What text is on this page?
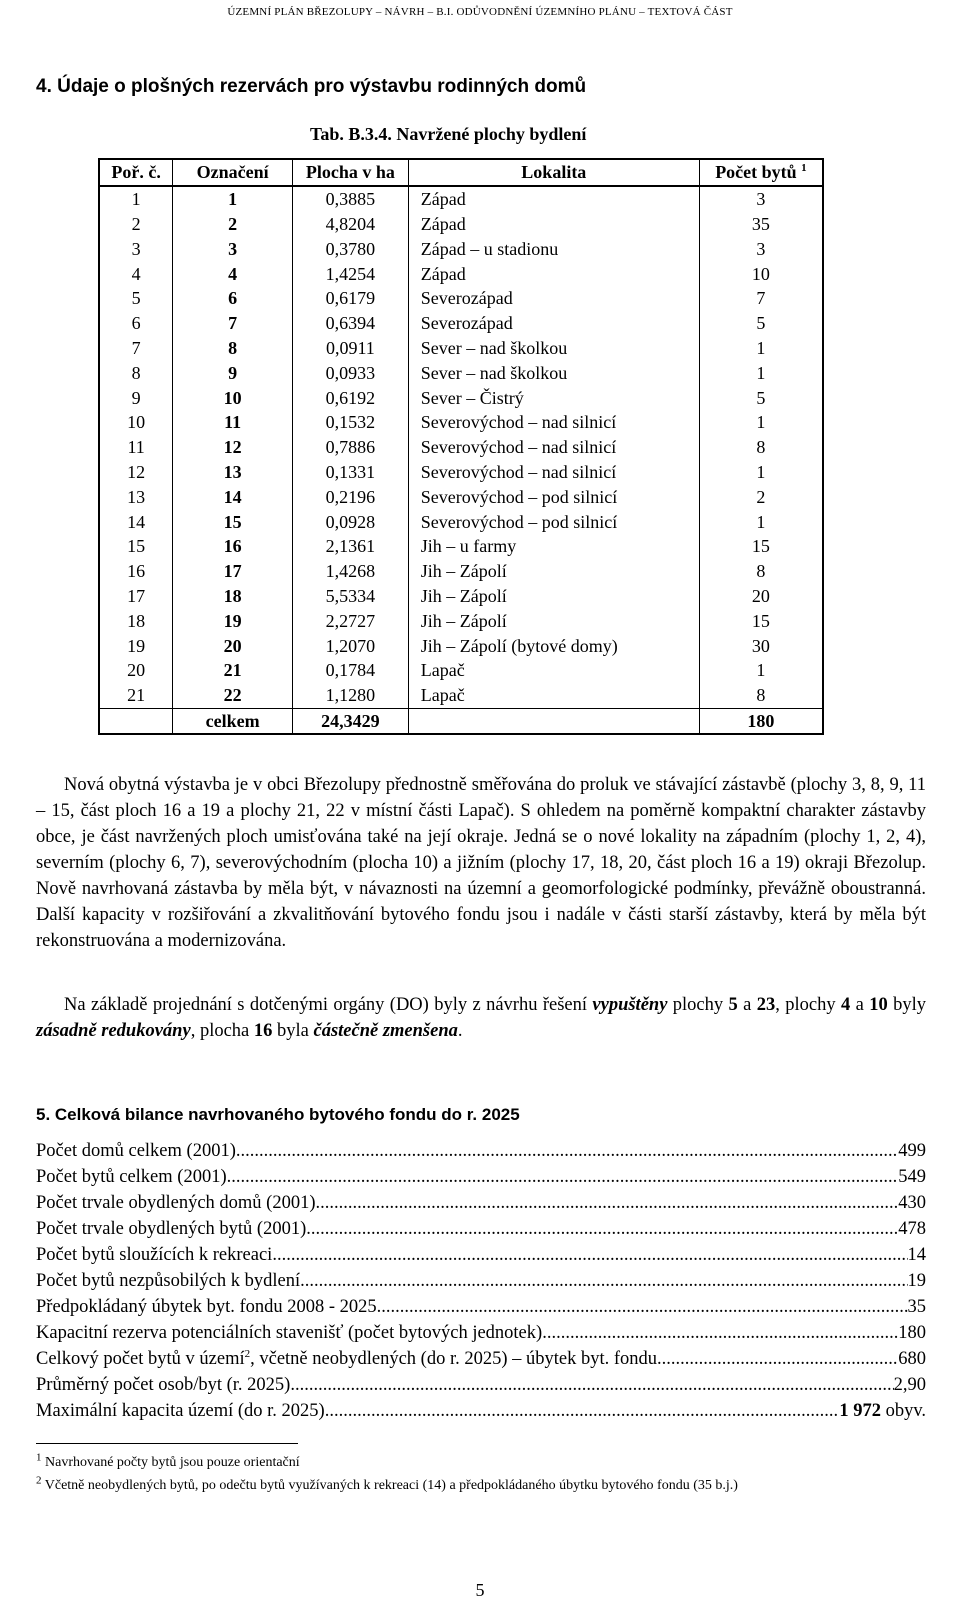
ÚZEMNÍ PLÁN BŘEZOLUPY – NÁVRH – B.I. ODŮVODNĚNÍ ÚZEMNÍHO PLÁNU – TEXTOVÁ ČÁST
4. Údaje o plošných rezervách pro výstavbu rodinných domů
Tab. B.3.4. Navržené plochy bydlení
Poř. č.	Označení	Plocha v ha	Lokalita	Počet bytů $^1$
1	1	0,3885	Západ	3
2	2	4,8204	Západ	35
3	3	0,3780	Západ – u stadionu	3
4	4	1,4254	Západ	10
5	6	0,6179	Severozápad	7
6	7	0,6394	Severozápad	5
7	8	0,0911	Sever – nad školkou	1
8	9	0,0933	Sever – nad školkou	1
9	10	0,6192	Sever – Čistrý	5
10	11	0,1532	Severovýchod – nad silnicí	1
11	12	0,7886	Severovýchod – nad silnicí	8
12	13	0,1331	Severovýchod – nad silnicí	1
13	14	0,2196	Severovýchod – pod silnicí	2
14	15	0,0928	Severovýchod – pod silnicí	1
15	16	2,1361	Jih – u farmy	15
16	17	1,4268	Jih – Zápolí	8
17	18	5,5334	Jih – Zápolí	20
18	19	2,2727	Jih – Zápolí	15
19	20	1,2070	Jih – Zápolí (bytové domy)	30
20	21	0,1784	Lapač	1
21	22	1,1280	Lapač	8
	celkem	24,3429		180
Nová obytná výstavba je v obci Březolupy přednostně směřována do proluk ve stávající zástavbě (plochy 3, 8, 9, 11 – 15, část ploch 16 a 19 a plochy 21, 22 v místní části Lapač). S ohledem na poměrně kompaktní charakter zástavby obce, je část navržených ploch umisťována také na její okraje. Jedná se o nové lokality na západním (plochy 1, 2, 4), severním (plochy 6, 7), severovýchodním (plocha 10) a jižním (plochy 17, 18, 20, část ploch 16 a 19) okraji Březolup. Nově navrhovaná zástavba by měla být, v návaznosti na územní a geomorfologické podmínky, převážně oboustranná. Další kapacity v rozšiřování a zkvalitňování bytového fondu jsou i nadále v části starší zástavby, která by měla být rekonstruována a modernizována.
Na základě projednání s dotčenými orgány (DO) byly z návrhu řešení vypuštěny plochy 5 a 23, plochy 4 a 10 byly zásadně redukovány, plocha 16 byla částečně zmenšena.
5. Celková bilance navrhovaného bytového fondu do r. 2025
Počet domů celkem (2001) .....	499
Počet bytů celkem (2001) .....	549
Počet trvale obydlených domů (2001) .....	430
Počet trvale obydlených bytů (2001) .....	478
Počet bytů sloužících k rekreaci .....	14
Počet bytů nezpůsobilých k bydlení .....	19
Předpokládaný úbytek byt. fondu 2008 - 2025 .....	35
Kapacitní rezerva potenciálních stavenišť (počet bytových jednotek) .....	180
Celkový počet bytů v území$^2$, včetně neobydlených (do r. 2025) – úbytek byt. fondu .....	680
Průměrný počet osob/byt (r. 2025) .....	2,90
Maximální kapacita území (do r. 2025) .....	1 972 obyv.
$^1$ Navrhované počty bytů jsou pouze orientační
$^2$ Včetně neobydlených bytů, po odečtu bytů využívaných k rekreaci (14) a předpokládaného úbytku bytového fondu (35 b.j.)
5
